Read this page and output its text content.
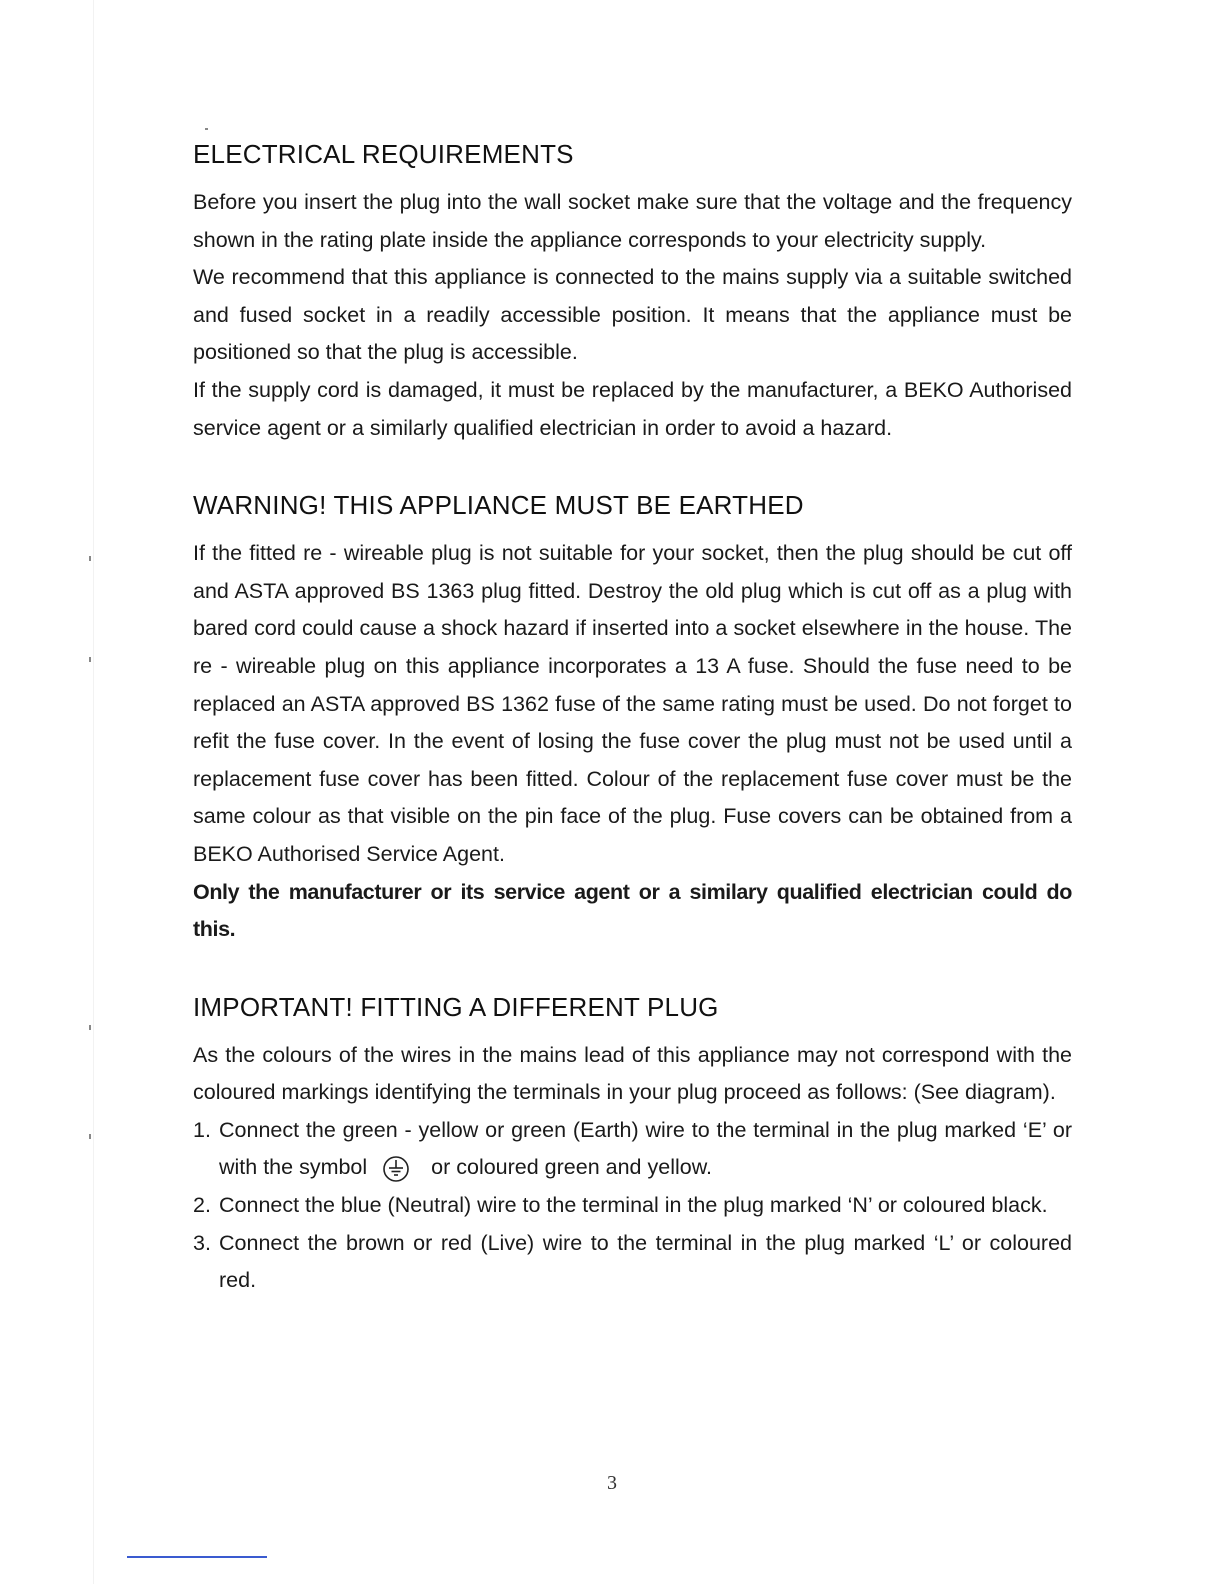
ELECTRICAL REQUIREMENTS

Before you insert the plug into the wall socket make sure that the voltage and the frequency shown in the rating plate inside the appliance corresponds to your electricity supply.

We recommend that this appliance is connected to the mains supply via a suitable switched and fused socket in a readily accessible position. It means that the appliance must be positioned so that the plug is accessible.

If the supply cord is damaged, it must be replaced by the manufacturer, a BEKO Authorised service agent or a similarly qualified electrician in order to avoid a hazard.

WARNING! THIS APPLIANCE MUST BE EARTHED

If the fitted re - wireable plug is not suitable for your socket, then the plug should be cut off and ASTA approved BS 1363 plug fitted. Destroy the old plug which is cut off as a plug with bared cord could cause a shock hazard if inserted into a socket elsewhere in the house. The re - wireable plug on this appliance incorporates a 13 A fuse. Should the fuse need to be replaced an ASTA approved BS 1362 fuse of the same rating must be used. Do not forget to refit the fuse cover. In the event of losing the fuse cover the plug must not be used until a replacement fuse cover has been fitted. Colour of the replacement fuse cover must be the same colour as that visible on the pin face of the plug. Fuse covers can be obtained from a BEKO Authorised Service Agent.

Only the manufacturer or its service agent or a similary qualified electrician could do this.

IMPORTANT! FITTING A DIFFERENT PLUG

As the colours of the wires in the mains lead of this appliance may not correspond with the coloured markings identifying the terminals in your plug proceed as follows: (See diagram).

1. Connect the green - yellow or green (Earth) wire to the terminal in the plug marked ‘E’ or with the symbol	or coloured green and yellow.
2. Connect the blue (Neutral) wire to the terminal in the plug marked ‘N’ or coloured black.
3. Connect the brown or red (Live) wire to the terminal in the plug marked ‘L’ or coloured red.
3
